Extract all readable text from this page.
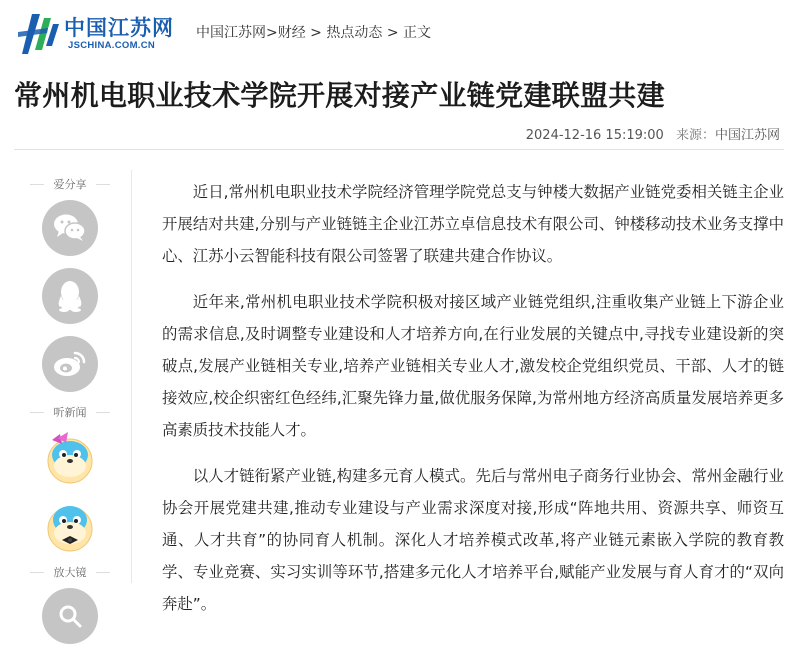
中国江苏网
JSCHINA.COM.CN
中国江苏网>财经 > 热点动态 > 正文
常州机电职业技术学院开展对接产业链党建联盟共建
2024-12-16 15:19:00 来源：中国江苏网
爱分享
听新闻
放大镜

近日,常州机电职业技术学院经济管理学院党总支与钟楼大数据产业链党委相关链主企业开展结对共建,分别与产业链链主企业江苏立卓信息技术有限公司、钟楼移动技术业务支撑中心、江苏小云智能科技有限公司签署了联建共建合作协议。

近年来,常州机电职业技术学院积极对接区域产业链党组织,注重收集产业链上下游企业的需求信息,及时调整专业建设和人才培养方向,在行业发展的关键点中,寻找专业建设新的突破点,发展产业链相关专业,培养产业链相关专业人才,激发校企党组织党员、干部、人才的链接效应,校企织密红色经纬,汇聚先锋力量,做优服务保障,为常州地方经济高质量发展培养更多高素质技术技能人才。

以人才链衔紧产业链,构建多元育人模式。先后与常州电子商务行业协会、常州金融行业协会开展党建共建,推动专业建设与产业需求深度对接,形成“阵地共用、资源共享、师资互通、人才共育”的协同育人机制。深化人才培养模式改革,将产业链元素嵌入学院的教育教学、专业竞赛、实习实训等环节,搭建多元化人才培养平台,赋能产业发展与育人育才的“双向奔赴”。
